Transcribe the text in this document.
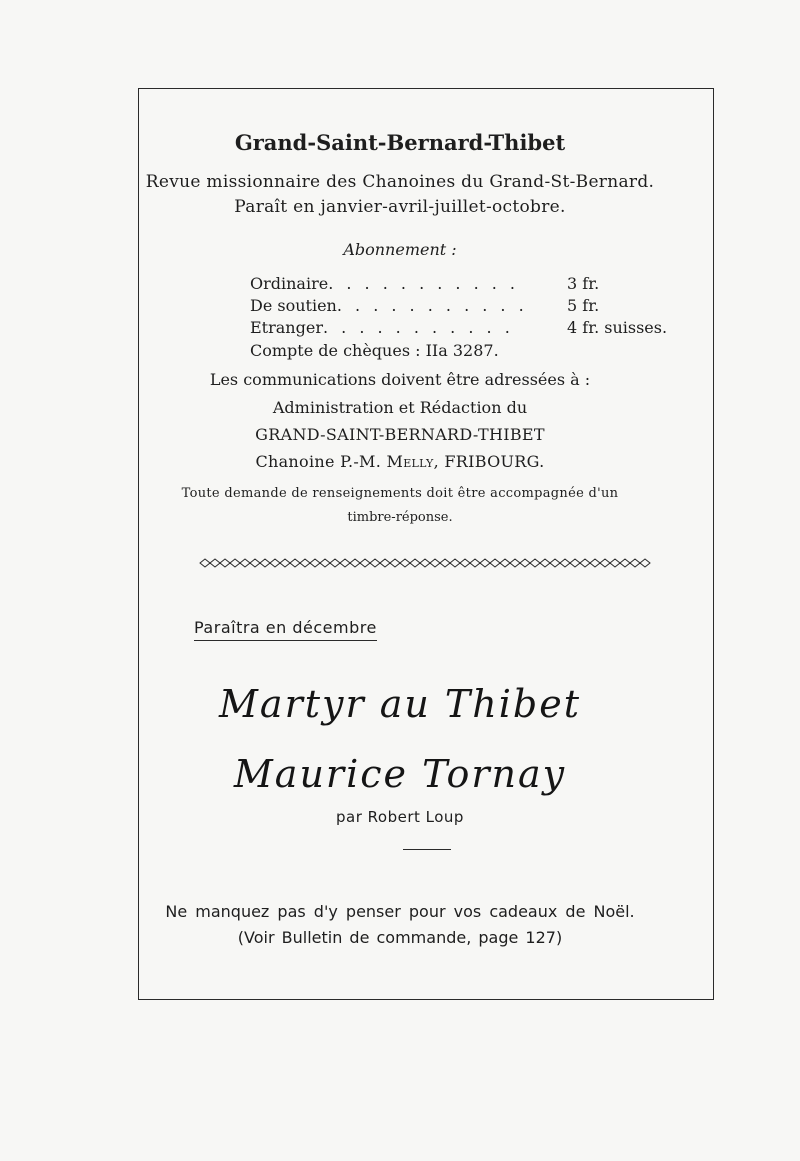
Grand-Saint-Bernard-Thibet
Revue missionnaire des Chanoines du Grand-St-Bernard.
Paraît en janvier-avril-juillet-octobre.
Abonnement :
Ordinaire. . . . . . . . . . .	3 fr.
De soutien. . . . . . . . . . . 5 fr.
Etranger. . . . . . . . . . .	4 fr. suisses.
Compte de chèques : IIa 3287.
Les communications doivent être adressées à :
Administration et Rédaction du
GRAND-SAINT-BERNARD-THIBET
Chanoine P.-M. Melly, FRIBOURG.
Toute demande de renseignements doit être accompagnée d'un
timbre-réponse.
Paraîtra en décembre
Martyr au Thibet
Maurice Tornay
par Robert Loup
Ne manquez pas d'y penser pour vos cadeaux de Noël.
(Voir Bulletin de commande, page 127)
